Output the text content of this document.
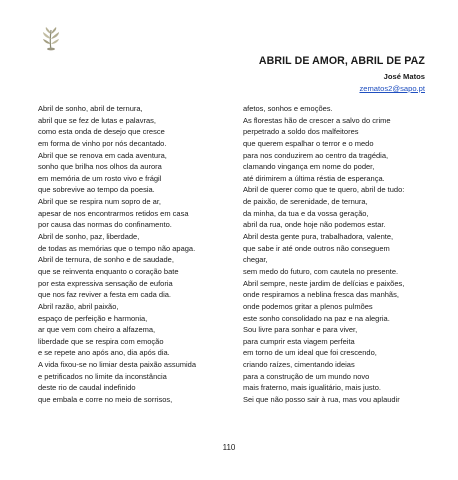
ABRIL DE AMOR, ABRIL DE PAZ
José Matos
zematos2@sapo.pt
Abril de sonho, abril de ternura,
abril que se fez de lutas e palavras,
como esta onda de desejo que cresce
em forma de vinho por nós decantado.
Abril que se renova em cada aventura,
sonho que brilha nos olhos da aurora
em memória de um rosto vivo e frágil
que sobrevive ao tempo da poesia.
Abril que se respira num sopro de ar,
apesar de nos encontrarmos retidos em casa
por causa das normas do confinamento.
Abril de sonho, paz, liberdade,
de todas as memórias que o tempo não apaga.
Abril de ternura, de sonho e de saudade,
que se reinventa enquanto o coração bate
por esta expressiva sensação de euforia
que nos faz reviver a festa em cada dia.
Abril razão, abril paixão,
espaço de perfeição e harmonia,
ar que vem com cheiro a alfazema,
liberdade que se respira com emoção
e se repete ano após ano, dia após dia.
A vida fixou-se no limiar desta paixão assumida
e petrificados no limite da inconstância
deste rio de caudal indefinido
que embala e corre no meio de sorrisos,
afetos, sonhos e emoções.
As florestas hão de crescer a salvo do crime
perpetrado a soldo dos malfeitores
que querem espalhar o terror e o medo
para nos conduzirem ao centro da tragédia,
clamando vingança em nome do poder,
até dirimirem a última réstia de esperança.
Abril de querer como que te quero, abril de tudo:
de paixão, de serenidade, de ternura,
da minha, da tua e da vossa geração,
abril da rua, onde hoje não podemos estar.
Abril desta gente pura, trabalhadora, valente,
que sabe ir até onde outros não conseguem
chegar,
sem medo do futuro, com cautela no presente.
Abril sempre, neste jardim de delícias e paixões,
onde respiramos a neblina fresca das manhãs,
onde podemos gritar a plenos pulmões
este sonho consolidado na paz e na alegria.
Sou livre para sonhar e para viver,
para cumprir esta viagem perfeita
em torno de um ideal que foi crescendo,
criando raízes, cimentando ideias
para a construção de um mundo novo
mais fraterno, mais igualitário, mais justo.
Sei que não posso sair à rua, mas vou aplaudir
110
